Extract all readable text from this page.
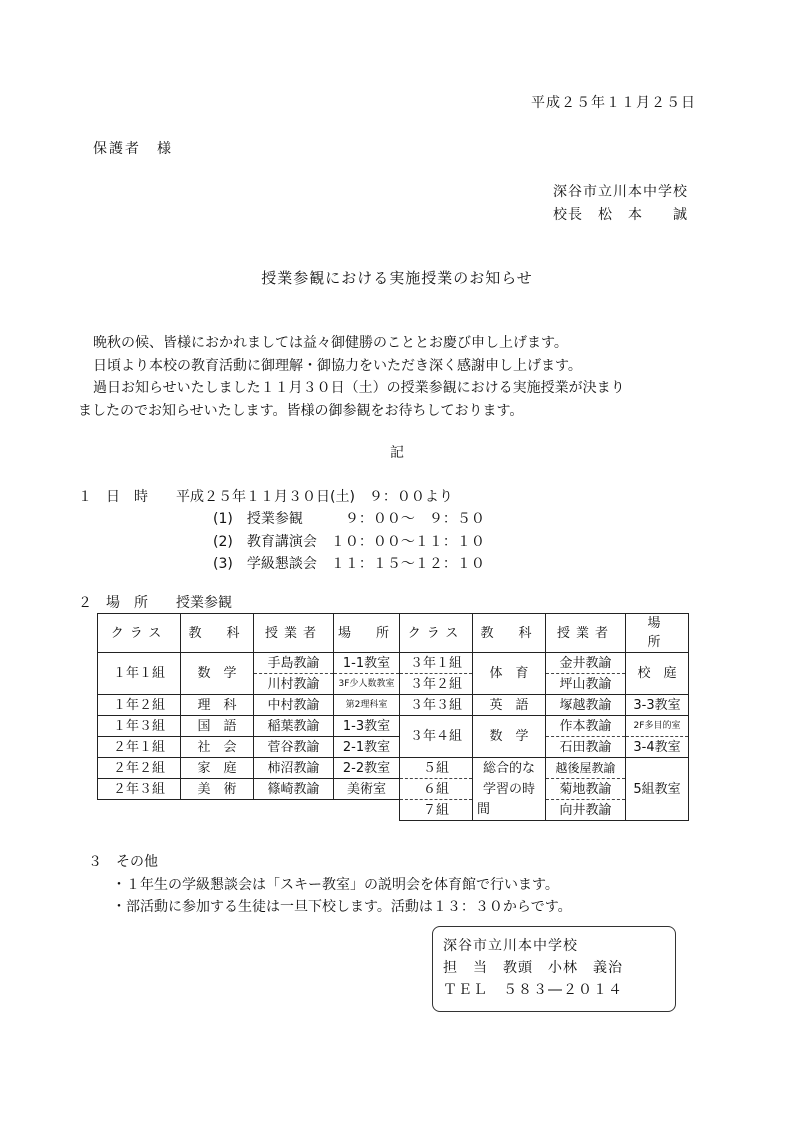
平成２５年１１月２５日
保護者　様
深谷市立川本中学校
校長　松　本　　誠
授業参観における実施授業のお知らせ
晩秋の候、皆様におかれましては益々御健勝のこととお慶び申し上げます。
日頃より本校の教育活動に御理解・御協力をいただき深く感謝申し上げます。
過日お知らせいたしました１１月３０日（土）の授業参観における実施授業が決まり
ましたのでお知らせいたします。皆様の御参観をお待ちしております。
記
１　日　時　　平成２５年１１月３０日(土)　９：００より
(1)　授業参観　　　９：００～　９：５０
(2)　教育講演会　１０：００～１１：１０
(3)　学級懇談会　１１：１５～１２：１０
２　場　所　　授業参観
クラス	教　科	授業者	場　所	クラス	教　科	授業者	場　所
１年１組	数　学	手島教諭	1-1教室	３年１組	体　育	金井教諭	校　庭
		川村教諭	3F少人数教室	３年２組		坪山教諭	
１年２組	理　科	中村教諭	第2理科室	３年３組	英　語	塚越教諭	3-3教室
１年３組	国　語	稲葉教諭	1-3教室	３年４組	数　学	作本教諭	2F多目的室
２年１組	社　会	菅谷教諭	2-1教室			石田教諭	3-4教室
２年２組	家　庭	柿沼教諭	2-2教室	５組	総合的な	越後屋教諭	5組教室
２年３組	美　術	篠崎教諭	美術室	６組	学習の時	菊地教諭	
				７組	間	向井教諭	
３　その他
・１年生の学級懇談会は「スキー教室」の説明会を体育館で行います。
・部活動に参加する生徒は一旦下校します。活動は１３：３０からです。
深谷市立川本中学校
担　当　教頭　小林　義治
ＴＥＬ　５８３―２０１４
